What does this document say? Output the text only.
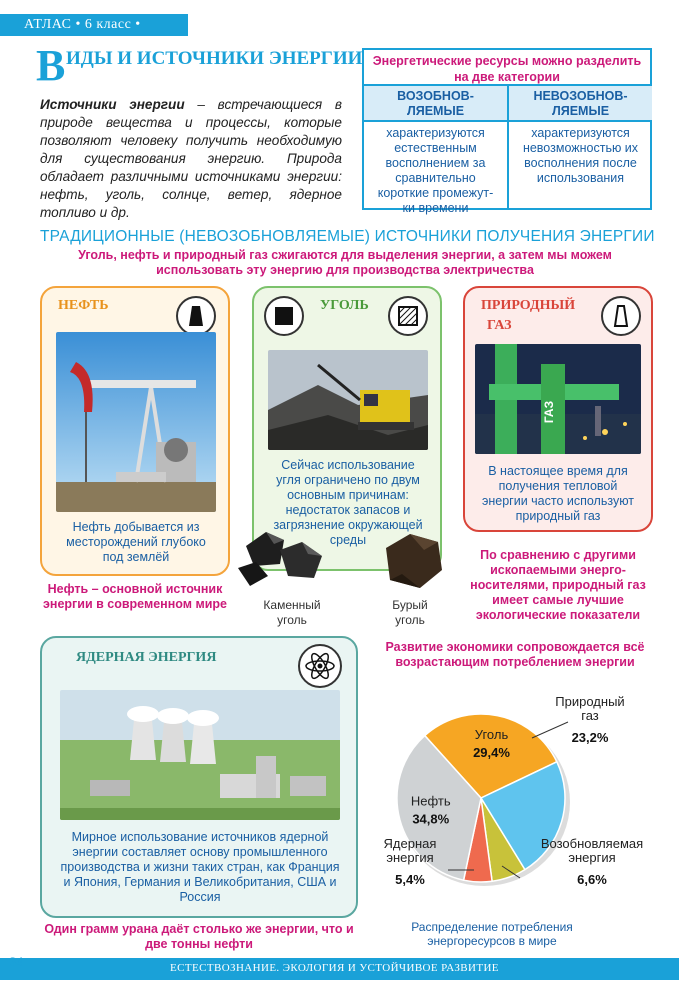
АТЛАС • 6 класс •
В ИДЫ И ИСТОЧНИКИ ЭНЕРГИИ
Источники энергии – встречающиеся в природе вещества и процессы, которые позволяют человеку получить необходимую для существования энергию. Природа обладает различными источниками энергии: нефть, уголь, солнце, ветер, ядерное топливо и др.
Энергетические ресурсы можно разделить на две категории
ВОЗОБНОВ-
ЛЯЕМЫЕ
характеризуются естественным восполнением за сравнительно короткие промежут-ки времени
НЕВОЗОБНОВ-
ЛЯЕМЫЕ
характеризуются невозможностью их восполнения после использования
ТРАДИЦИОННЫЕ (НЕВОЗОБНОВЛЯЕМЫЕ) ИСТОЧНИКИ ПОЛУЧЕНИЯ ЭНЕРГИИ
Уголь, нефть и природный газ сжигаются для выделения энергии, а затем мы можем использовать эту энергию для производства электричества
НЕФТЬ
Нефть добывается из месторождений глубоко под землёй
Нефть – основной источник энергии в современном мире
УГОЛЬ
Сейчас использование угля ограничено по двум основным причинам: недостаток запасов и загрязнение окружающей среды
Каменный уголь
Бурый уголь
ПРИРОДНЫЙ
ГАЗ
ГАЗ
В настоящее время для получения тепловой энергии часто используют природный газ
По сравнению с другими ископаемыми энерго-носителями, природный газ имеет самые лучшие экологические показатели
ЯДЕРНАЯ ЭНЕРГИЯ
Мирное использование источников ядерной энергии составляет основу промышленного производства и жизни таких стран, как Франция и Япония, Германия и Великобритания, США и Россия
Один грамм урана даёт столько же энергии, что и две тонны нефти
Развитие экономики сопровождается всё возрастающим потреблением энергии
Уголь
29,4%
Природный газ
23,2%
Возобновляемая энергия
6,6%
Ядерная энергия
5,4%
Нефть
34,8%
Распределение потребления энергоресурсов в мире
ЕСТЕСТВОЗНАНИЕ. ЭКОЛОГИЯ И УСТОЙЧИВОЕ РАЗВИТИЕ
34
